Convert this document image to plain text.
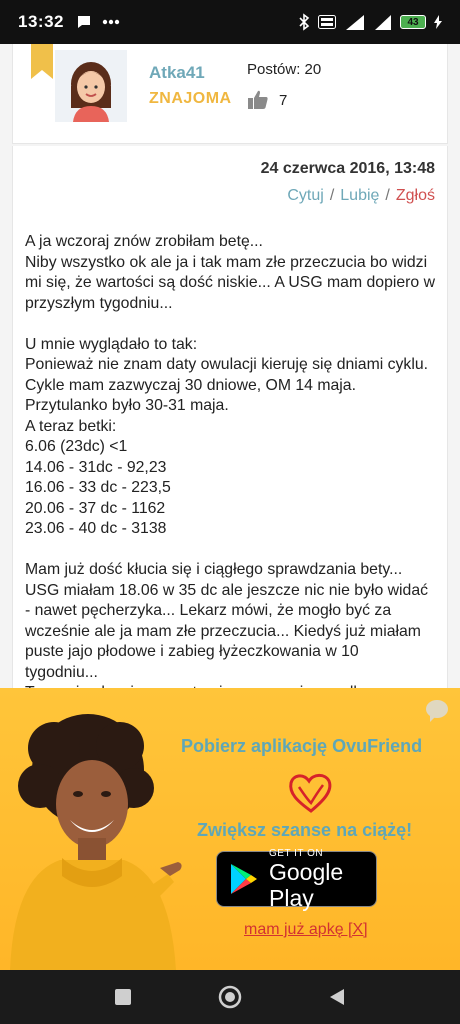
13:32	43
Atka41
ZNAJOMA
Postów: 20
7
24 czerwca 2016, 13:48
Cytuj / Lubię / Zgłoś
A ja wczoraj znów zrobiłam betę...
Niby wszystko ok ale ja i tak mam złe przeczucia bo widzi mi się, że wartości są dość niskie... A USG mam dopiero w przyszłym tygodniu...

U mnie wyglądało to tak:
Ponieważ nie znam daty owulacji kieruję się dniami cyklu. Cykle mam zazwyczaj 30 dniowe, OM 14 maja. Przytulanko było 30-31 maja.
A teraz betki:
6.06 (23dc) <1
14.06 - 31dc - 92,23
16.06 - 33 dc - 223,5
20.06 - 37 dc - 1162
23.06 - 40 dc - 3138

Mam już dość kłucia się i ciągłego sprawdzania bety... USG miałam 18.06 w 35 dc ale jeszcze nic nie było widać - nawet pęcherzyka... Lekarz mówi, że mogło być za wcześnie ale ja mam złe przeczucia... Kiedyś już miałam puste jajo płodowe i zabieg łyżeczkowania w 10 tygodniu...

Pobierz aplikację OvuFriend
Zwiększ szanse na ciążę!
GET IT ON
Google Play
mam już apkę [X]
